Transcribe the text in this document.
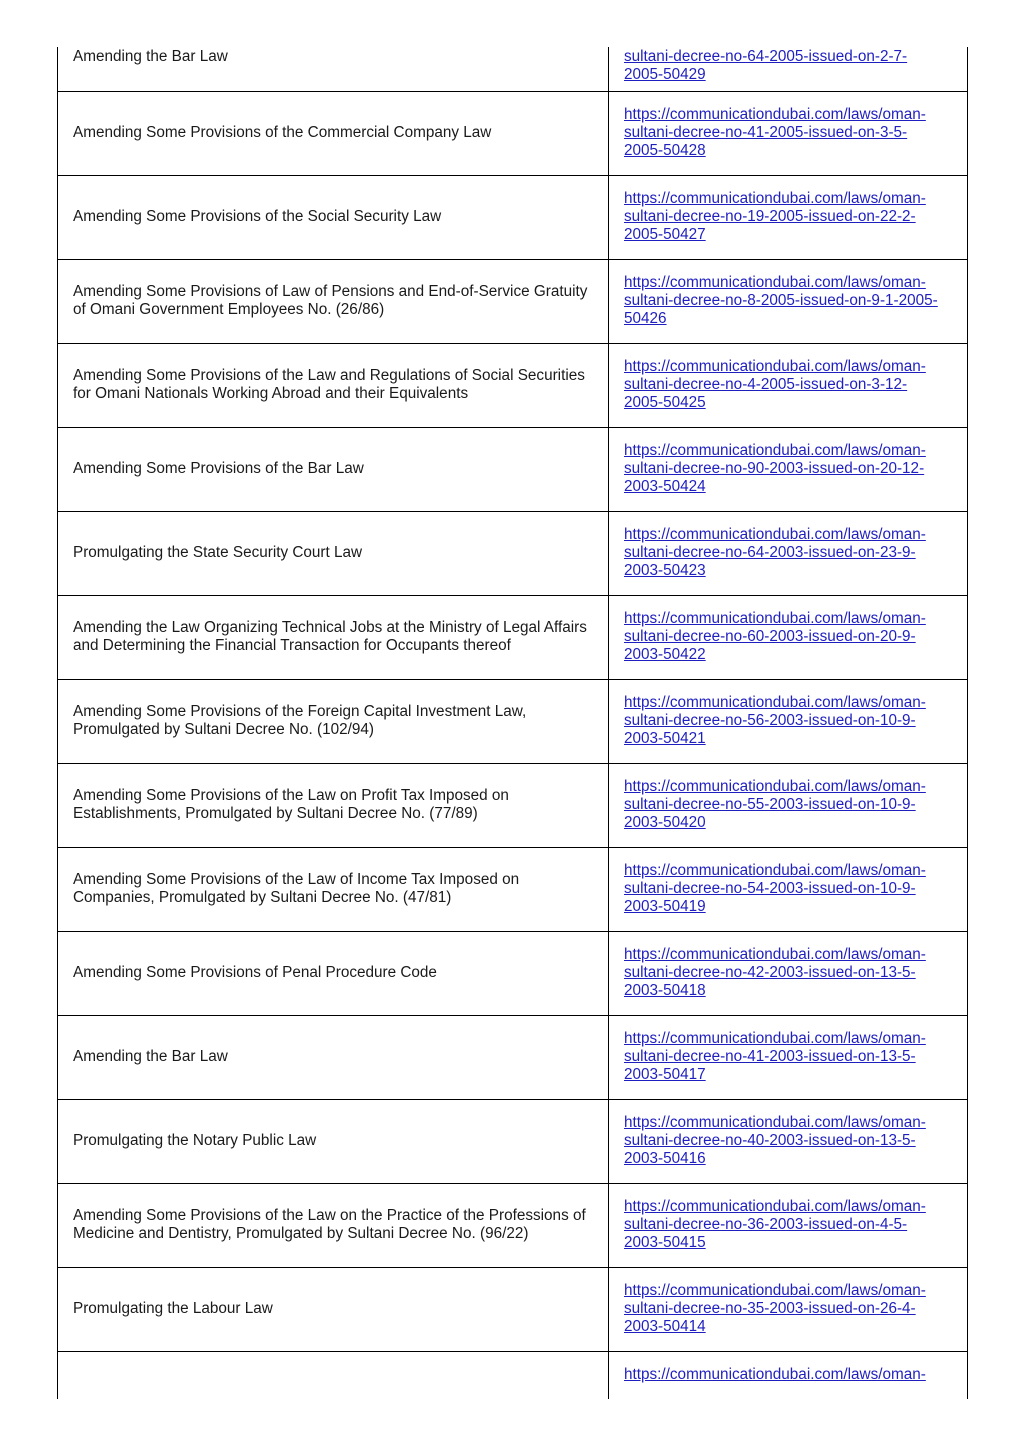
Amending the Bar Law	sultani-decree-no-64-2005-issued-on-2-7-
2005-50429

Amending Some Provisions of the Commercial Company Law	https://communicationdubai.com/laws/oman-
sultani-decree-no-41-2005-issued-on-3-5-
2005-50428

Amending Some Provisions of the Social Security Law	https://communicationdubai.com/laws/oman-
sultani-decree-no-19-2005-issued-on-22-2-
2005-50427

Amending Some Provisions of Law of Pensions and End-of-Service Gratuity of Omani Government Employees No. (26/86)	https://communicationdubai.com/laws/oman-
sultani-decree-no-8-2005-issued-on-9-1-2005-
50426

Amending Some Provisions of the Law and Regulations of Social Securities for Omani Nationals Working Abroad and their Equivalents	https://communicationdubai.com/laws/oman-
sultani-decree-no-4-2005-issued-on-3-12-
2005-50425

Amending Some Provisions of the Bar Law	https://communicationdubai.com/laws/oman-
sultani-decree-no-90-2003-issued-on-20-12-
2003-50424

Promulgating the State Security Court Law	https://communicationdubai.com/laws/oman-
sultani-decree-no-64-2003-issued-on-23-9-
2003-50423

Amending the Law Organizing Technical Jobs at the Ministry of Legal Affairs and Determining the Financial Transaction for Occupants thereof	https://communicationdubai.com/laws/oman-
sultani-decree-no-60-2003-issued-on-20-9-
2003-50422

Amending Some Provisions of the Foreign Capital Investment Law, Promulgated by Sultani Decree No. (102/94)	https://communicationdubai.com/laws/oman-
sultani-decree-no-56-2003-issued-on-10-9-
2003-50421

Amending Some Provisions of the Law on Profit Tax Imposed on Establishments, Promulgated by Sultani Decree No. (77/89)	https://communicationdubai.com/laws/oman-
sultani-decree-no-55-2003-issued-on-10-9-
2003-50420

Amending Some Provisions of the Law of Income Tax Imposed on Companies, Promulgated by Sultani Decree No. (47/81)	https://communicationdubai.com/laws/oman-
sultani-decree-no-54-2003-issued-on-10-9-
2003-50419

Amending Some Provisions of Penal Procedure Code	https://communicationdubai.com/laws/oman-
sultani-decree-no-42-2003-issued-on-13-5-
2003-50418

Amending the Bar Law	https://communicationdubai.com/laws/oman-
sultani-decree-no-41-2003-issued-on-13-5-
2003-50417

Promulgating the Notary Public Law	https://communicationdubai.com/laws/oman-
sultani-decree-no-40-2003-issued-on-13-5-
2003-50416

Amending Some Provisions of the Law on the Practice of the Professions of Medicine and Dentistry, Promulgated by Sultani Decree No. (96/22)	https://communicationdubai.com/laws/oman-
sultani-decree-no-36-2003-issued-on-4-5-
2003-50415

Promulgating the Labour Law	https://communicationdubai.com/laws/oman-
sultani-decree-no-35-2003-issued-on-26-4-
2003-50414

	https://communicationdubai.com/laws/oman-
